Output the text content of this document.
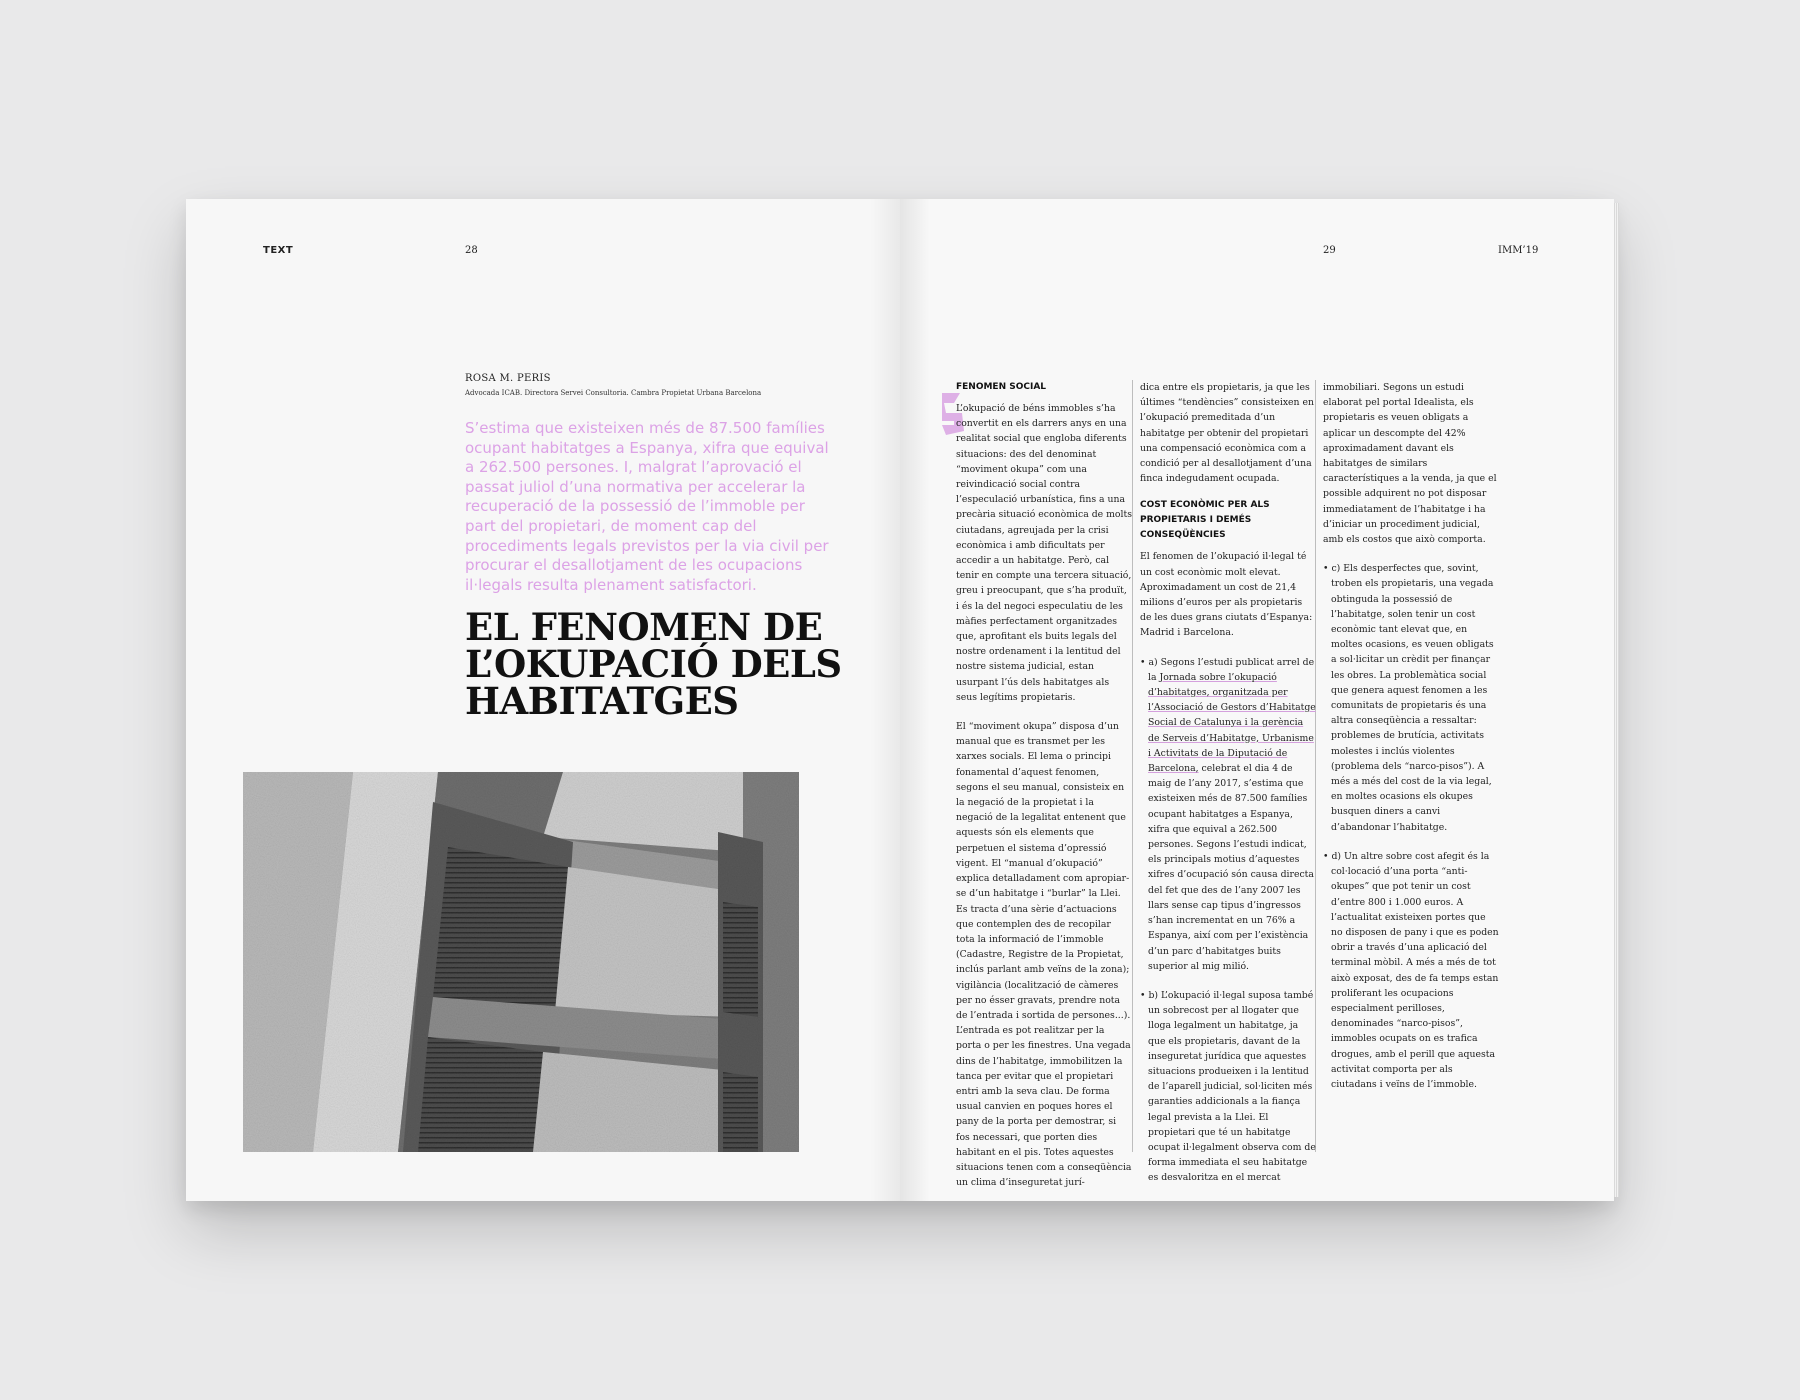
TEXT	28
ROSA M. PERIS
Advocada ICAB. Directora Servei Consultoria. Cambra Propietat Urbana Barcelona
S’estima que existeixen més de 87.500 famílies ocupant habitatges a Espanya, xifra que equival a 262.500 persones. I, malgrat l’aprovació el passat juliol d’una normativa per accelerar la recuperació de la possessió de l’immoble per part del propietari, de moment cap del procediments legals previstos per la via civil per procurar el desallotjament de les ocupacions il·legals resulta plenament satisfactori.
EL FENOMEN DE L’OKUPACIÓ DELS HABITATGES
29	IMM’19
FENOMEN SOCIAL

L’okupació de béns immobles s’ha convertit en els darrers anys en una realitat social que engloba diferents situacions: des del denominat “moviment okupa” com una reivindicació social contra l’especulació urbanística, fins a una precària situació econòmica de molts ciutadans, agreujada per la crisi econòmica i amb dificultats per accedir a un habitatge. Però, cal tenir en compte una tercera situació, greu i preocupant, que s’ha produït, i és la del negoci especulatiu de les màfies perfectament organitzades que, aprofitant els buits legals del nostre ordenament i la lentitud del nostre sistema judicial, estan usurpant l’ús dels habitatges als seus legítims propietaris.

El “moviment okupa” disposa d’un manual que es transmet per les xarxes socials. El lema o principi fonamental d’aquest fenomen, segons el seu manual, consisteix en la negació de la propietat i la negació de la legalitat entenent que aquests són els elements que perpetuen el sistema d’opressió vigent. El “manual d’okupació” explica detalladament com apropiar-se d’un habitatge i “burlar” la Llei. Es tracta d’una sèrie d’actuacions que contemplen des de recopilar tota la informació de l’immoble (Cadastre, Registre de la Propietat, inclús parlant amb veïns de la zona); vigilància (localització de càmeres per no ésser gravats, prendre nota de l’entrada i sortida de persones...). L’entrada es pot realitzar per la porta o per les finestres. Una vegada dins de l’habitatge, immobilitzen la tanca per evitar que el propietari entri amb la seva clau. De forma usual canvien en poques hores el pany de la porta per demostrar, si fos necessari, que porten dies habitant en el pis. Totes aquestes situacions tenen com a conseqüència un clima d’inseguretat jurí-

dica entre els propietaris, ja que les últimes “tendències” consisteixen en l’okupació premeditada d’un habitatge per obtenir del propietari una compensació econòmica com a condició per al desallotjament d’una finca indegudament ocupada.

COST ECONÒMIC PER ALS PROPIETARIS I DEMÉS CONSEQÜÈNCIES

El fenomen de l’okupació il·legal té un cost econòmic molt elevat. Aproximadament un cost de 21,4 milions d’euros per als propietaris de les dues grans ciutats d’Espanya: Madrid i Barcelona.

• a) Segons l’estudi publicat arrel de la Jornada sobre l’okupació d’habitatges, organitzada per l’Associació de Gestors d’Habitatge Social de Catalunya i la gerència de Serveis d’Habitatge, Urbanisme i Activitats de la Diputació de Barcelona, celebrat el dia 4 de maig de l’any 2017, s’estima que existeixen més de 87.500 famílies ocupant habitatges a Espanya, xifra que equival a 262.500 persones. Segons l’estudi indicat, els principals motius d’aquestes xifres d’ocupació són causa directa del fet que des de l’any 2007 les llars sense cap tipus d’ingressos s’han incrementat en un 76% a Espanya, així com per l’existència d’un parc d’habitatges buits superior al mig milió.

• b) L’okupació il·legal suposa també un sobrecost per al llogater que lloga legalment un habitatge, ja que els propietaris, davant de la inseguretat jurídica que aquestes situacions produeixen i la lentitud de l’aparell judicial, sol·liciten més garanties addicionals a la fiança legal prevista a la Llei. El propietari que té un habitatge ocupat il·legalment observa com de forma immediata el seu habitatge es desvaloritza en el mercat

immobiliari. Segons un estudi elaborat pel portal Idealista, els propietaris es veuen obligats a aplicar un descompte del 42% aproximadament davant els habitatges de similars característiques a la venda, ja que el possible adquirent no pot disposar immediatament de l’habitatge i ha d’iniciar un procediment judicial, amb els costos que això comporta.

• c) Els desperfectes que, sovint, troben els propietaris, una vegada obtinguda la possessió de l’habitatge, solen tenir un cost econòmic tant elevat que, en moltes ocasions, es veuen obligats a sol·licitar un crèdit per finançar les obres. La problemàtica social que genera aquest fenomen a les comunitats de propietaris és una altra conseqüència a ressaltar: problemes de brutícia, activitats molestes i inclús violentes (problema dels “narco-pisos”). A més a més del cost de la via legal, en moltes ocasions els okupes busquen diners a canvi d’abandonar l’habitatge.

• d) Un altre sobre cost afegit és la col·locació d’una porta “anti-okupes” que pot tenir un cost d’entre 800 i 1.000 euros. A l’actualitat existeixen portes que no disposen de pany i que es poden obrir a través d’una aplicació del terminal mòbil. A més a més de tot això exposat, des de fa temps estan proliferant les ocupacions especialment perilloses, denominades “narco-pisos”, immobles ocupats on es trafica drogues, amb el perill que aquesta activitat comporta per als ciutadans i veïns de l’immoble.
